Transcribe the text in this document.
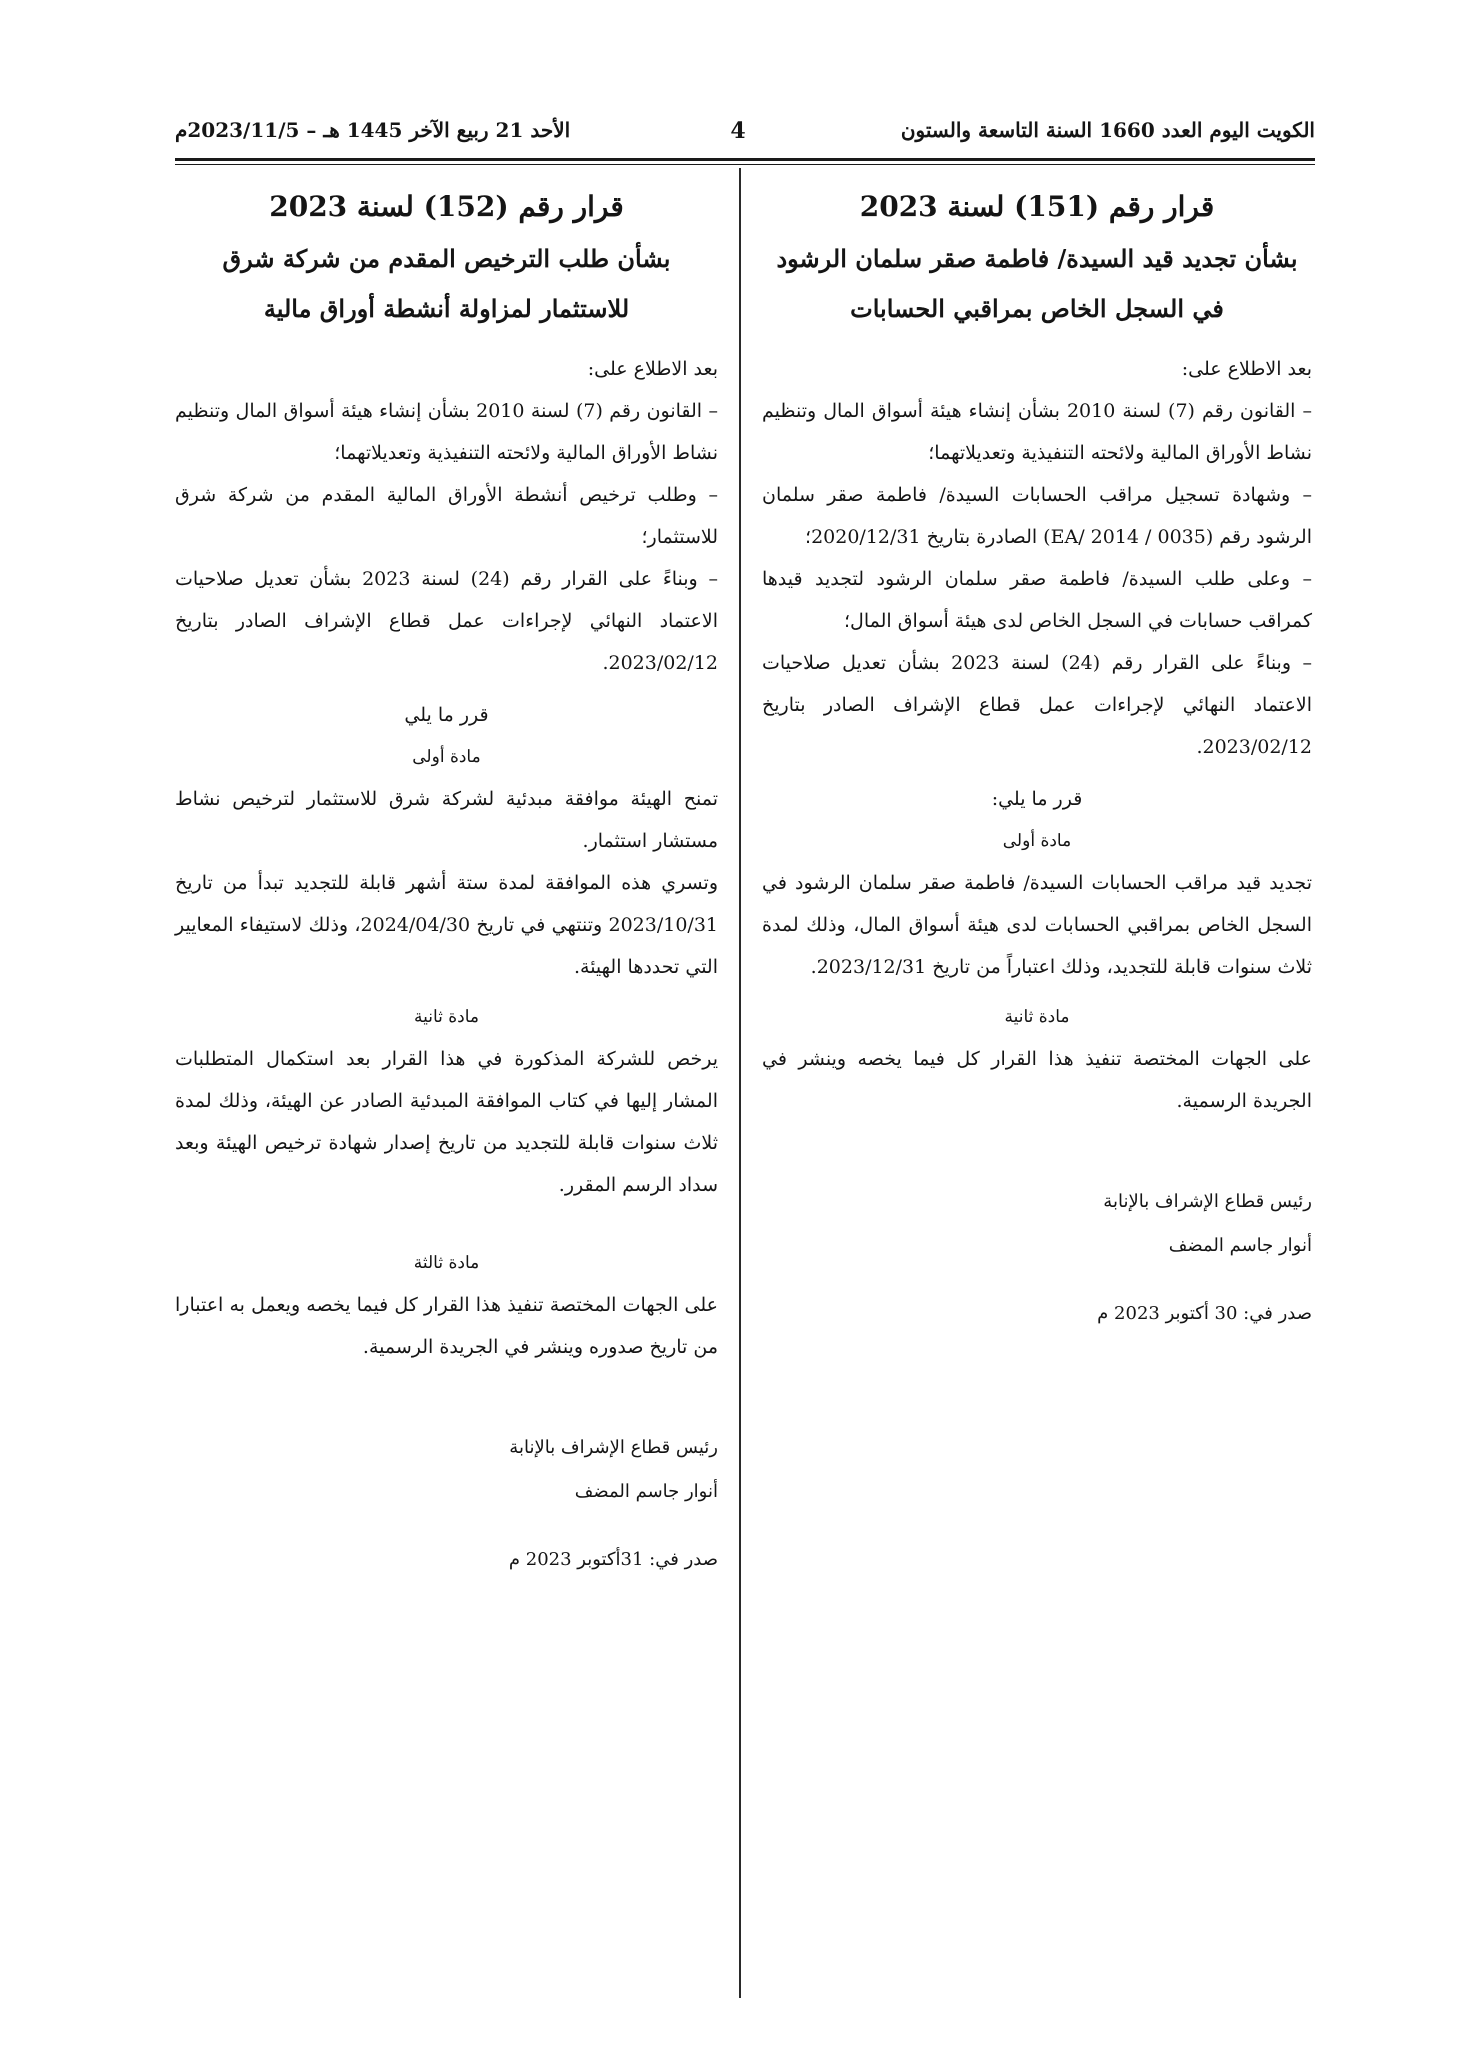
الكويت اليوم العدد 1660 السنة التاسعة والستون
4
الأحد 21 ربيع الآخر 1445 هـ – 2023/11/5م
قرار رقم (151) لسنة 2023
بشأن تجديد قيد السيدة/ فاطمة صقر سلمان الرشود
في السجل الخاص بمراقبي الحسابات

بعد الاطلاع على:

– القانون رقم (7) لسنة 2010 بشأن إنشاء هيئة أسواق المال وتنظيم نشاط الأوراق المالية ولائحته التنفيذية وتعديلاتهما؛

– وشهادة تسجيل مراقب الحسابات السيدة/ فاطمة صقر سلمان الرشود رقم (0035 / 2014 /EA) الصادرة بتاريخ 2020/12/31؛

– وعلى طلب السيدة/ فاطمة صقر سلمان الرشود لتجديد قيدها كمراقب حسابات في السجل الخاص لدى هيئة أسواق المال؛

– وبناءً على القرار رقم (24) لسنة 2023 بشأن تعديل صلاحيات الاعتماد النهائي لإجراءات عمل قطاع الإشراف الصادر بتاريخ 2023/02/12.

قرر ما يلي:

مادة أولى

تجديد قيد مراقب الحسابات السيدة/ فاطمة صقر سلمان الرشود في السجل الخاص بمراقبي الحسابات لدى هيئة أسواق المال، وذلك لمدة ثلاث سنوات قابلة للتجديد، وذلك اعتباراً من تاريخ 2023/12/31.

مادة ثانية

على الجهات المختصة تنفيذ هذا القرار كل فيما يخصه وينشر في الجريدة الرسمية.

رئيس قطاع الإشراف بالإنابة

أنوار جاسم المضف

صدر في: 30 أكتوبر 2023 م
قرار رقم (152) لسنة 2023
بشأن طلب الترخيص المقدم من شركة شرق
للاستثمار لمزاولة أنشطة أوراق مالية

بعد الاطلاع على:

– القانون رقم (7) لسنة 2010 بشأن إنشاء هيئة أسواق المال وتنظيم نشاط الأوراق المالية ولائحته التنفيذية وتعديلاتهما؛

– وطلب ترخيص أنشطة الأوراق المالية المقدم من شركة شرق للاستثمار؛

– وبناءً على القرار رقم (24) لسنة 2023 بشأن تعديل صلاحيات الاعتماد النهائي لإجراءات عمل قطاع الإشراف الصادر بتاريخ 2023/02/12.

قرر ما يلي

مادة أولى

تمنح الهيئة موافقة مبدئية لشركة شرق للاستثمار لترخيص نشاط مستشار استثمار.

وتسري هذه الموافقة لمدة ستة أشهر قابلة للتجديد تبدأ من تاريخ 2023/10/31 وتنتهي في تاريخ 2024/04/30، وذلك لاستيفاء المعايير التي تحددها الهيئة.

مادة ثانية

يرخص للشركة المذكورة في هذا القرار بعد استكمال المتطلبات المشار إليها في كتاب الموافقة المبدئية الصادر عن الهيئة، وذلك لمدة ثلاث سنوات قابلة للتجديد من تاريخ إصدار شهادة ترخيص الهيئة وبعد سداد الرسم المقرر.

مادة ثالثة

على الجهات المختصة تنفيذ هذا القرار كل فيما يخصه ويعمل به اعتبارا من تاريخ صدوره وينشر في الجريدة الرسمية.

رئيس قطاع الإشراف بالإنابة

أنوار جاسم المضف

صدر في: 31أكتوبر 2023 م
